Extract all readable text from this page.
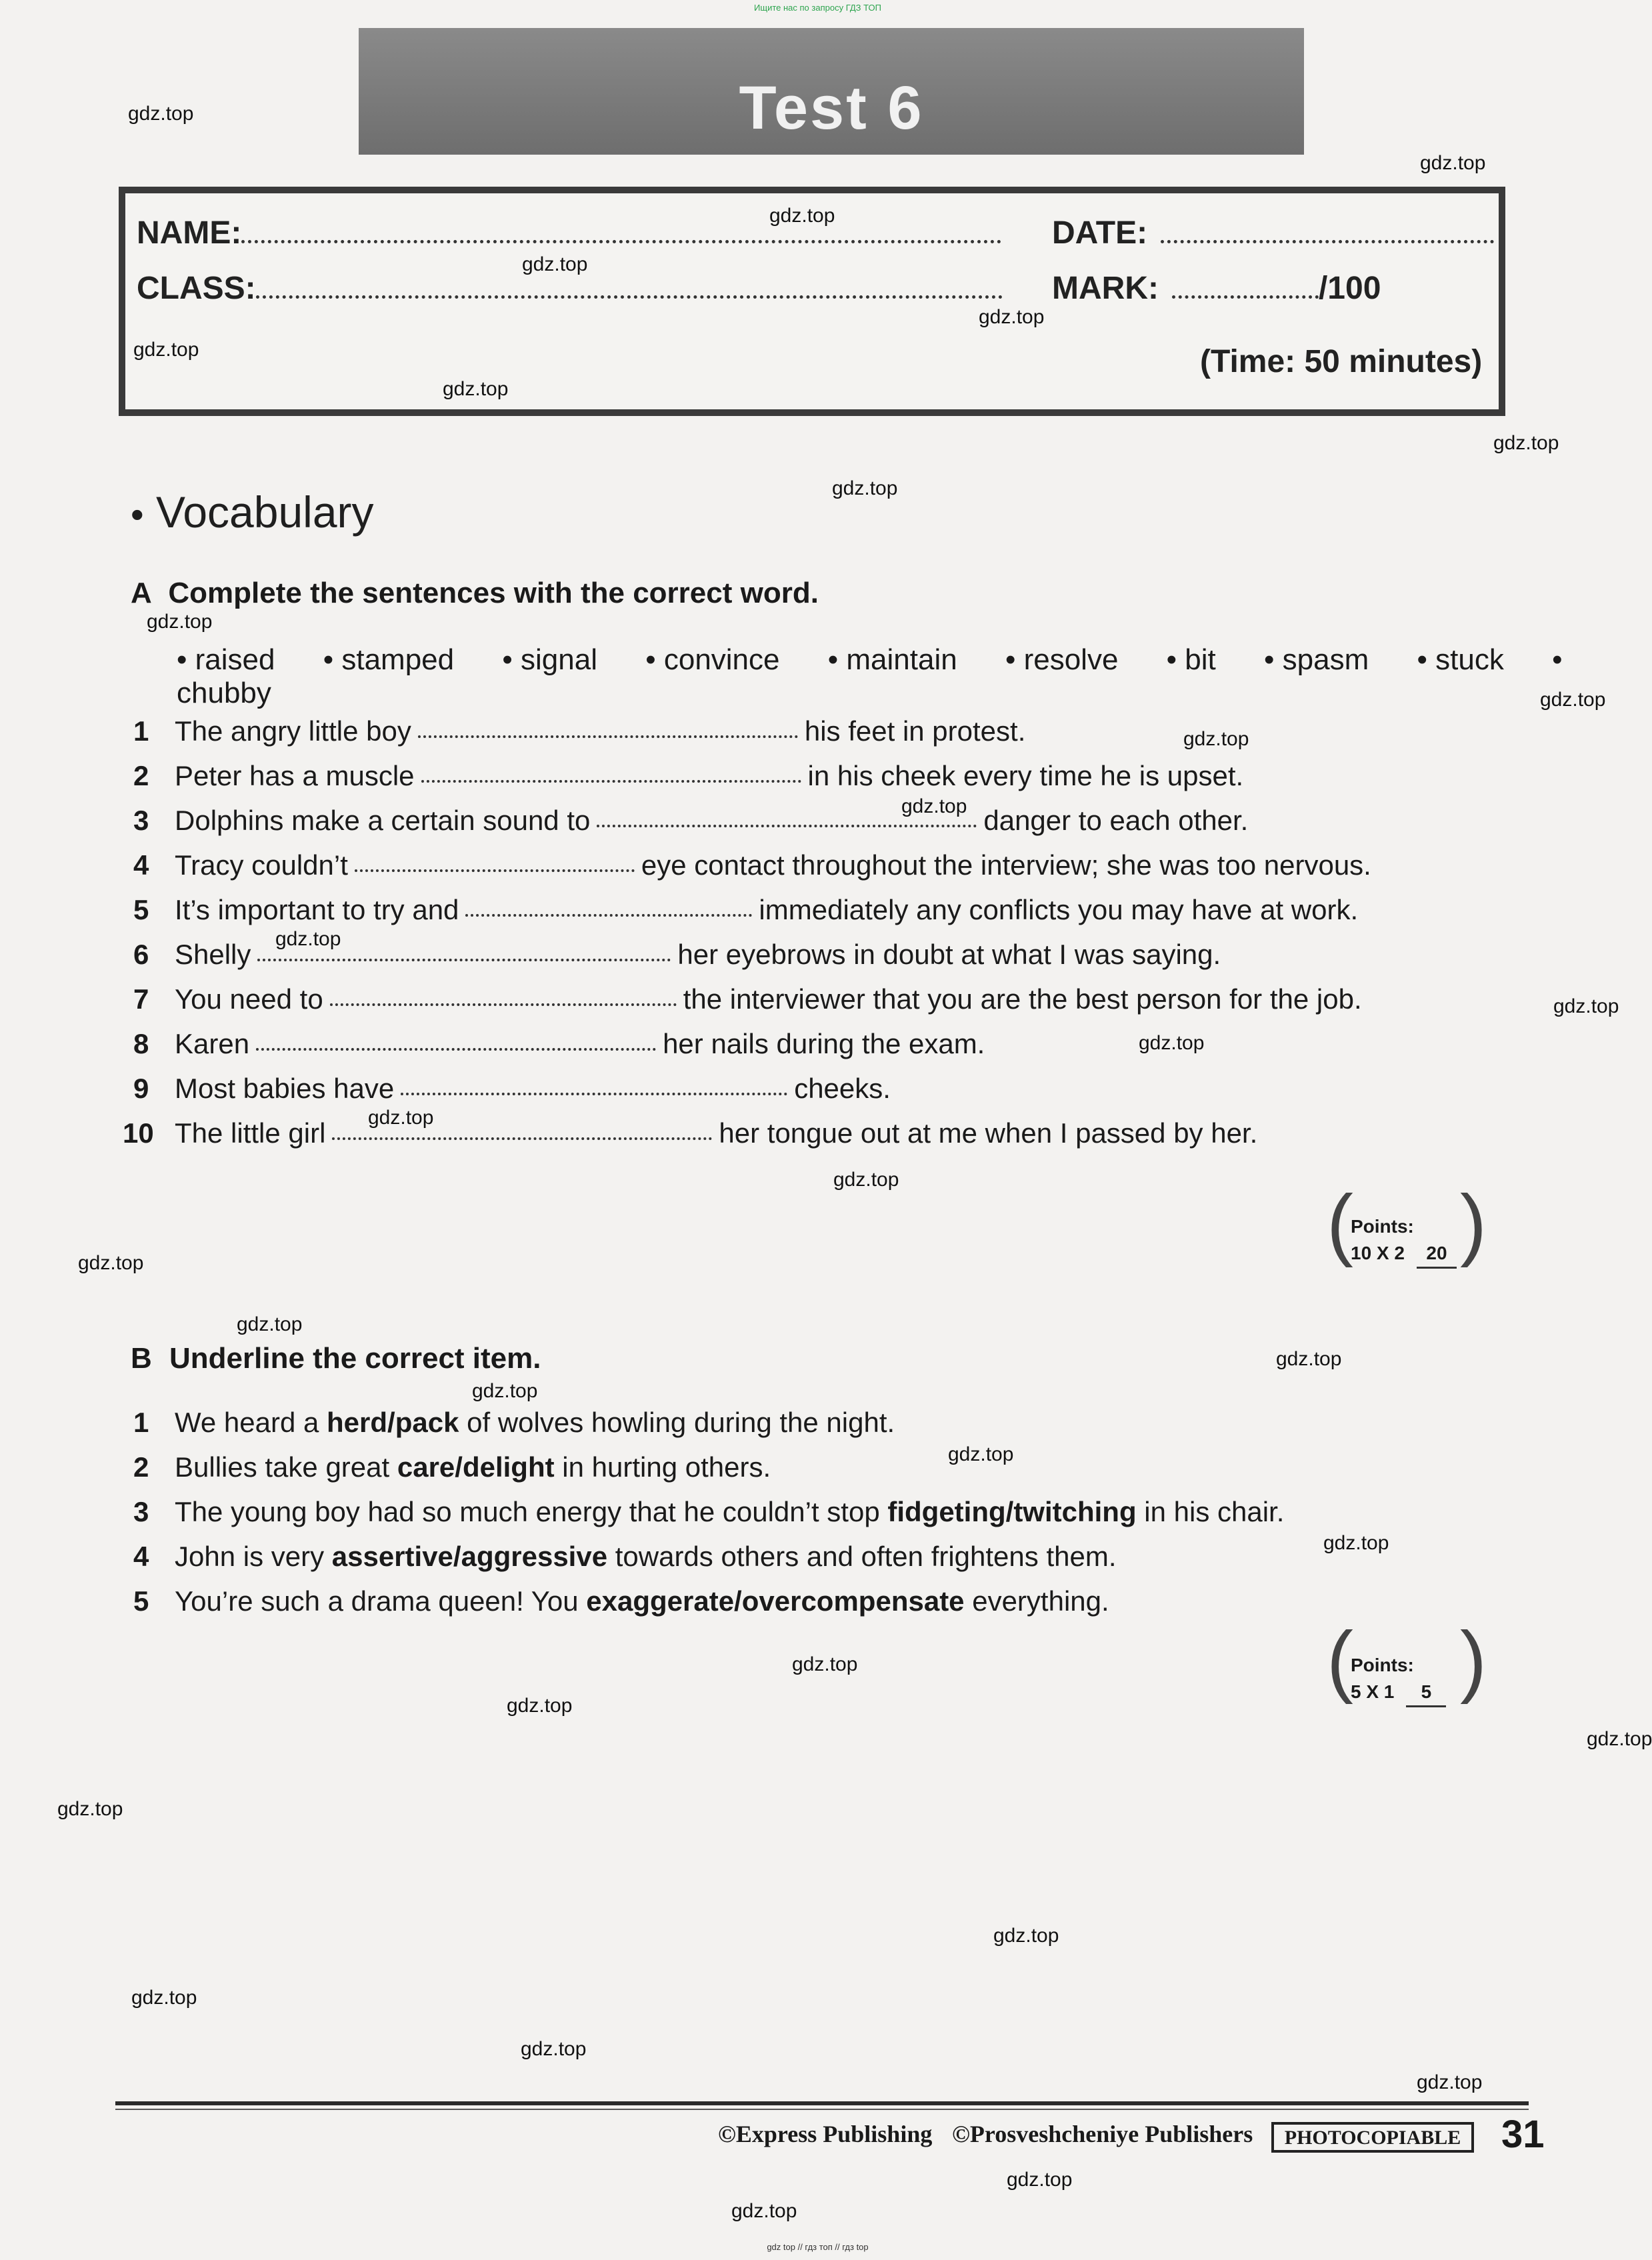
Ищите нас по запросу ГДЗ ТОП
Test 6
NAME:	DATE:
CLASS:	MARK:	/100
(Time: 50 minutes)
• Vocabulary
A Complete the sentences with the correct word.
• raised • stamped • signal • convince • maintain • resolve • bit • spasm • stuck • chubby
1 The angry little boy	his feet in protest.
2 Peter has a muscle	in his cheek every time he is upset.
3 Dolphins make a certain sound to	danger to each other.
4 Tracy couldn’t	eye contact throughout the interview; she was too nervous.
5 It’s important to try and	immediately any conflicts you may have at work.
6 Shelly	her eyebrows in doubt at what I was saying.
7 You need to	the interviewer that you are the best person for the job.
8 Karen	her nails during the exam.
9 Most babies have	cheeks.
10 The little girl	her tongue out at me when I passed by her.
(
Points:
10 X 2 20 )
B Underline the correct item.
1 We heard a herd/pack of wolves howling during the night.
2 Bullies take great care/delight in hurting others.
3 The young boy had so much energy that he couldn’t stop fidgeting/twitching in his chair.
4 John is very assertive/aggressive towards others and often frightens them.
5 You’re such a drama queen! You exaggerate/overcompensate everything.
(
Points:
5 X 1 5 )
gdz.top
gdz.top
gdz.top
gdz.top
gdz.top
gdz.top
gdz.top
gdz.top
gdz.top
gdz.top
gdz.top
gdz.top
gdz.top
gdz.top
gdz.top
gdz.top
gdz.top
gdz.top
gdz.top
gdz.top
gdz.top
gdz.top
gdz.top
gdz.top
gdz.top
gdz.top
gdz.top
gdz.top
gdz.top
gdz.top
gdz.top
gdz.top
gdz.top
gdz.top
©Express Publishing ©Prosveshcheniye Publishers	PHOTOCOPIABLE	31
gdz top // гдз топ // гдз top
